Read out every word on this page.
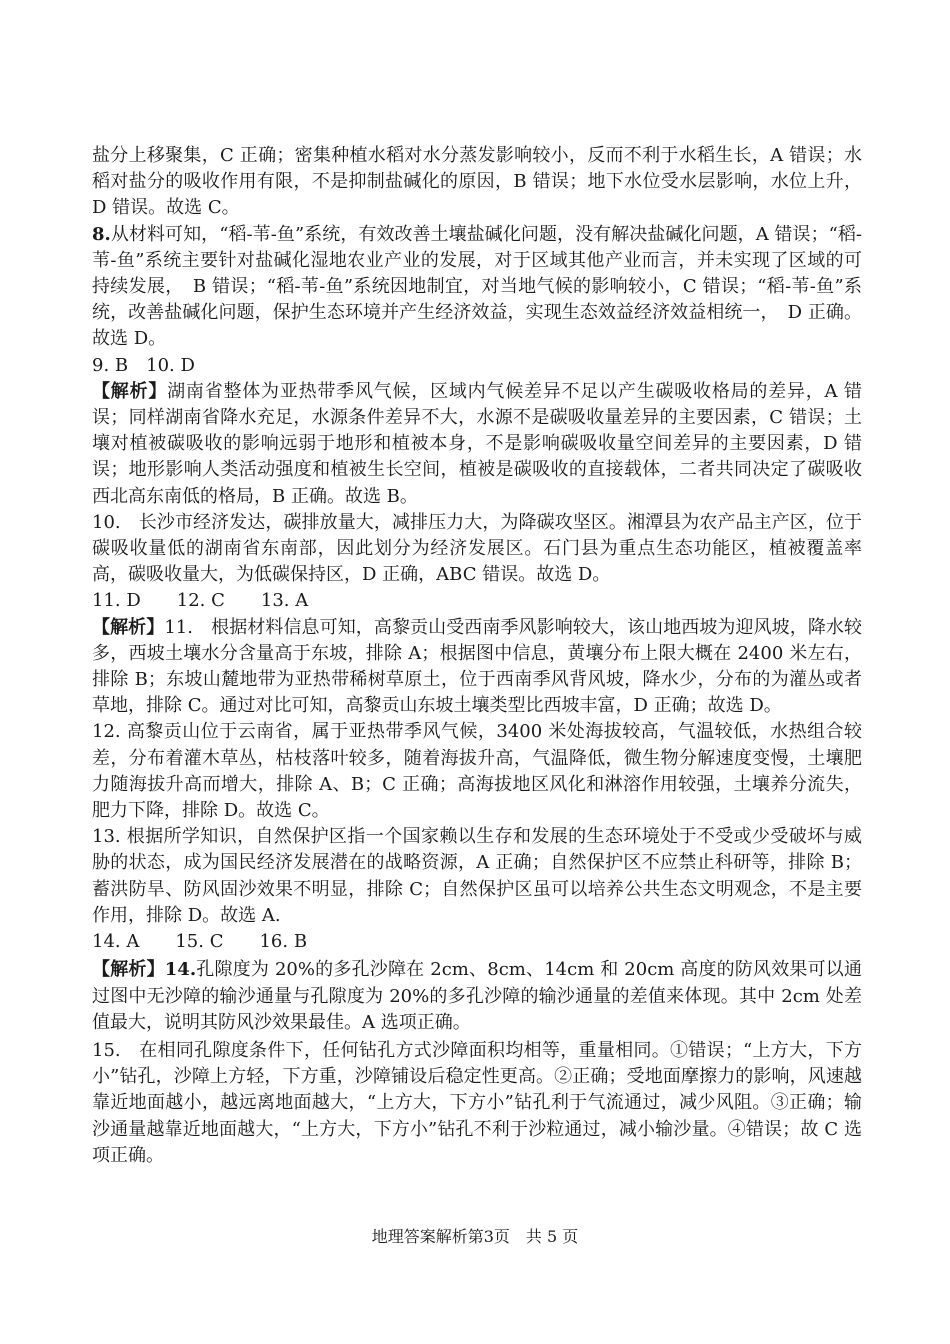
盐分上移聚集，C 正确；密集种植水稻对水分蒸发影响较小，反而不利于水稻生长，A 错误；水稻对盐分的吸收作用有限，不是抑制盐碱化的原因，B 错误；地下水位受水层影响，水位上升，D 错误。故选 C。

8.从材料可知，“稻-苇-鱼”系统，有效改善土壤盐碱化问题，没有解决盐碱化问题，A 错误；“稻-苇-鱼”系统主要针对盐碱化湿地农业产业的发展，对于区域其他产业而言，并未实现了区域的可持续发展，　B 错误；“稻-苇-鱼”系统因地制宜，对当地气候的影响较小，C 错误；“稻-苇-鱼”系统，改善盐碱化问题，保护生态环境并产生经济效益，实现生态效益经济效益相统一，　D 正确。故选 D。

9. B　10. D

【解析】湖南省整体为亚热带季风气候，区域内气候差异不足以产生碳吸收格局的差异，A 错误；同样湖南省降水充足，水源条件差异不大，水源不是碳吸收量差异的主要因素，C 错误；土壤对植被碳吸收的影响远弱于地形和植被本身，不是影响碳吸收量空间差异的主要因素，D 错误；地形影响人类活动强度和植被生长空间，植被是碳吸收的直接载体，二者共同决定了碳吸收西北高东南低的格局，B 正确。故选 B。

10.　长沙市经济发达，碳排放量大，减排压力大，为降碳攻坚区。湘潭县为农产品主产区，位于碳吸收量低的湖南省东南部，因此划分为经济发展区。石门县为重点生态功能区，植被覆盖率高，碳吸收量大，为低碳保持区，D 正确，ABC 错误。故选 D。

11. D　　12. C　　13. A

【解析】11.　根据材料信息可知，高黎贡山受西南季风影响较大，该山地西坡为迎风坡，降水较多，西坡土壤水分含量高于东坡，排除 A；根据图中信息，黄壤分布上限大概在 2400 米左右，排除 B；东坡山麓地带为亚热带稀树草原土，位于西南季风背风坡，降水少，分布的为灌丛或者草地，排除 C。通过对比可知，高黎贡山东坡土壤类型比西坡丰富，D 正确；故选 D。

12. 高黎贡山位于云南省，属于亚热带季风气候，3400 米处海拔较高，气温较低，水热组合较差，分布着灌木草丛，枯枝落叶较多，随着海拔升高，气温降低，微生物分解速度变慢，土壤肥力随海拔升高而增大，排除 A、B；C 正确；高海拔地区风化和淋溶作用较强，土壤养分流失，肥力下降，排除 D。故选 C。

13. 根据所学知识，自然保护区指一个国家赖以生存和发展的生态环境处于不受或少受破坏与威胁的状态，成为国民经济发展潜在的战略资源，A 正确；自然保护区不应禁止科研等，排除 B；蓄洪防旱、防风固沙效果不明显，排除 C；自然保护区虽可以培养公共生态文明观念，不是主要作用，排除 D。故选 A.

14. A　　15. C　　16. B

【解析】14.孔隙度为 20%的多孔沙障在 2cm、8cm、14cm 和 20cm 高度的防风效果可以通过图中无沙障的输沙通量与孔隙度为 20%的多孔沙障的输沙通量的差值来体现。其中 2cm 处差值最大，说明其防风沙效果最佳。A 选项正确。

15.　在相同孔隙度条件下，任何钻孔方式沙障面积均相等，重量相同。①错误；“上方大，下方小”钻孔，沙障上方轻，下方重，沙障铺设后稳定性更高。②正确；受地面摩擦力的影响，风速越靠近地面越小，越远离地面越大，“上方大，下方小”钻孔利于气流通过，减少风阻。③正确；输沙通量越靠近地面越大，“上方大，下方小”钻孔不利于沙粒通过，减小输沙量。④错误；故 C 选项正确。

地理答案解析第3页　共 5 页
